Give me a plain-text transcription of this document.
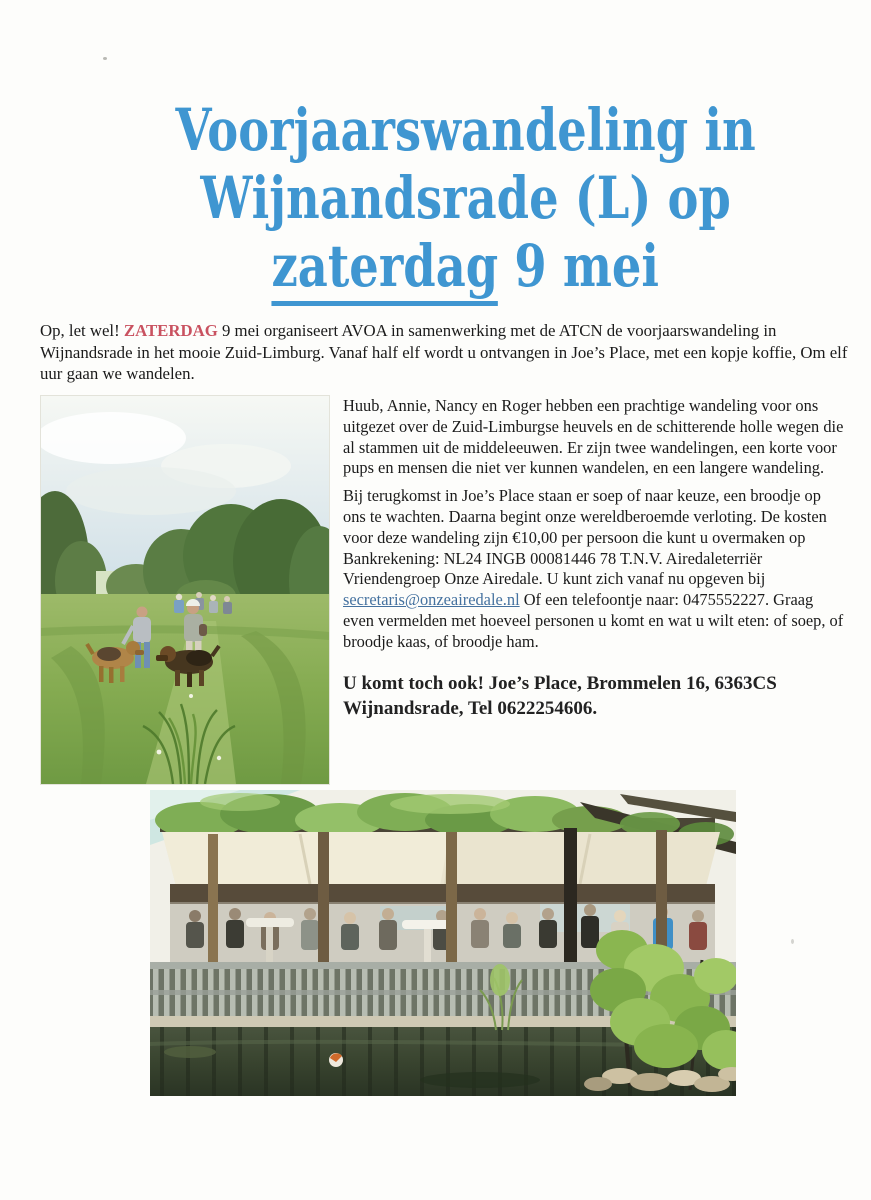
Voorjaarswandeling in
Wijnandsrade (L) op
zaterdag 9 mei
Op, let wel! ZATERDAG 9 mei organiseert AVOA in samenwerking met de ATCN de voorjaarswandeling in Wijnandsrade in het mooie Zuid-Limburg. Vanaf half elf wordt u ontvangen in Joe’s Place, met een kopje koffie, Om elf uur gaan we wandelen.

Huub, Annie, Nancy en Roger hebben een prachtige wandeling voor ons uitgezet over de Zuid-Limburgse heuvels en de schitterende holle wegen die al stammen uit de middeleeuwen. Er zijn twee wandelingen, een korte voor pups en mensen die niet ver kunnen wandelen, en een langere wandeling.

Bij terugkomst in Joe’s Place staan er soep of naar keuze, een broodje op ons te wachten. Daarna begint onze wereldberoemde verloting. De kosten voor deze wandeling zijn €10,00 per persoon die kunt u overmaken op Bankrekening: NL24 INGB 00081446 78 T.N.V. Airedaleterriër Vriendengroep Onze Airedale. U kunt zich vanaf nu opgeven bij secretaris@onzeairedale.nl Of een telefoontje naar: 0475552227. Graag even vermelden met hoeveel personen u komt en wat u wilt eten: of soep, of broodje kaas, of broodje ham.

U komt toch ook! Joe’s Place, Brommelen 16, 6363CS Wijnandsrade, Tel 0622254606.
